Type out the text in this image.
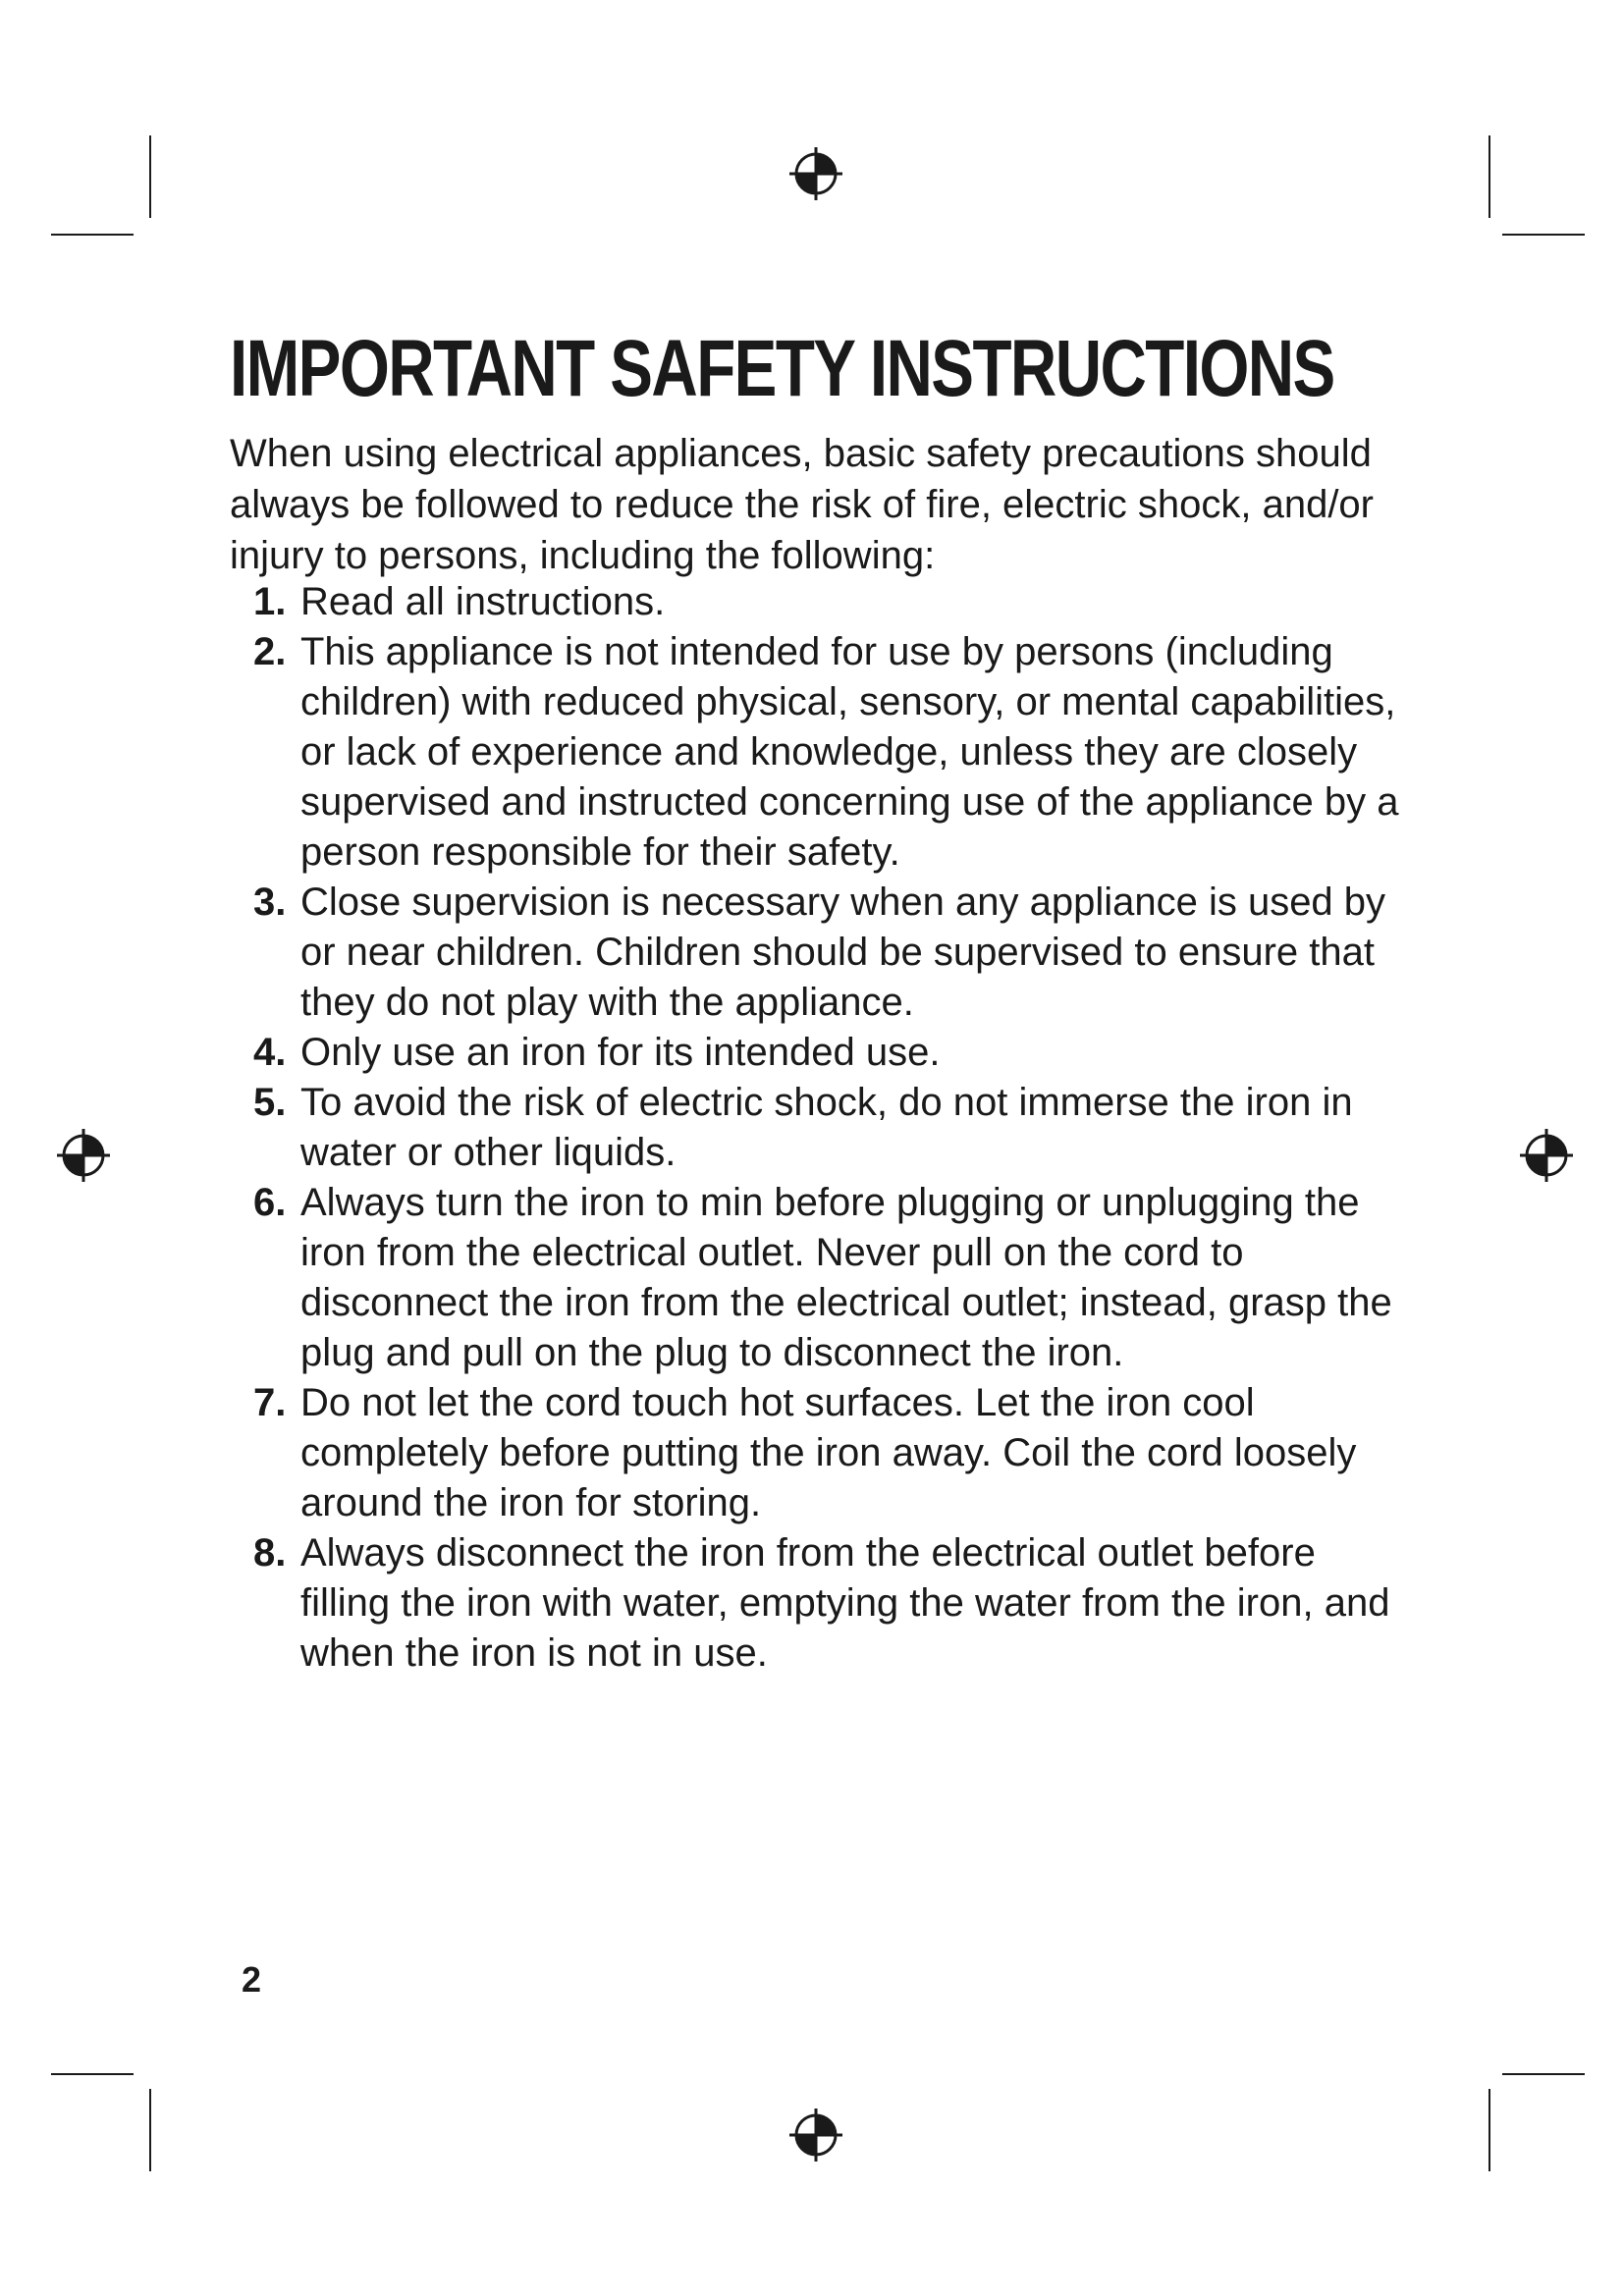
IMPORTANT SAFETY INSTRUCTIONS

When using electrical appliances, basic safety precautions should always be followed to reduce the risk of fire, electric shock, and/or injury to persons, including the following:

1. Read all instructions.
2. This appliance is not intended for use by persons (including children) with reduced physical, sensory, or mental capabilities, or lack of experience and knowledge, unless they are closely supervised and instructed concerning use of the appliance by a person responsible for their safety.
3. Close supervision is necessary when any appliance is used by or near children. Children should be supervised to ensure that they do not play with the appliance.
4. Only use an iron for its intended use.
5. To avoid the risk of electric shock, do not immerse the iron in water or other liquids.
6. Always turn the iron to min before plugging or unplugging the iron from the electrical outlet. Never pull on the cord to disconnect the iron from the electrical outlet; instead, grasp the plug and pull on the plug to disconnect the iron.
7. Do not let the cord touch hot surfaces. Let the iron cool completely before putting the iron away. Coil the cord loosely around the iron for storing.
8. Always disconnect the iron from the electrical outlet before filling the iron with water, emptying the water from the iron, and when the iron is not in use.
2
